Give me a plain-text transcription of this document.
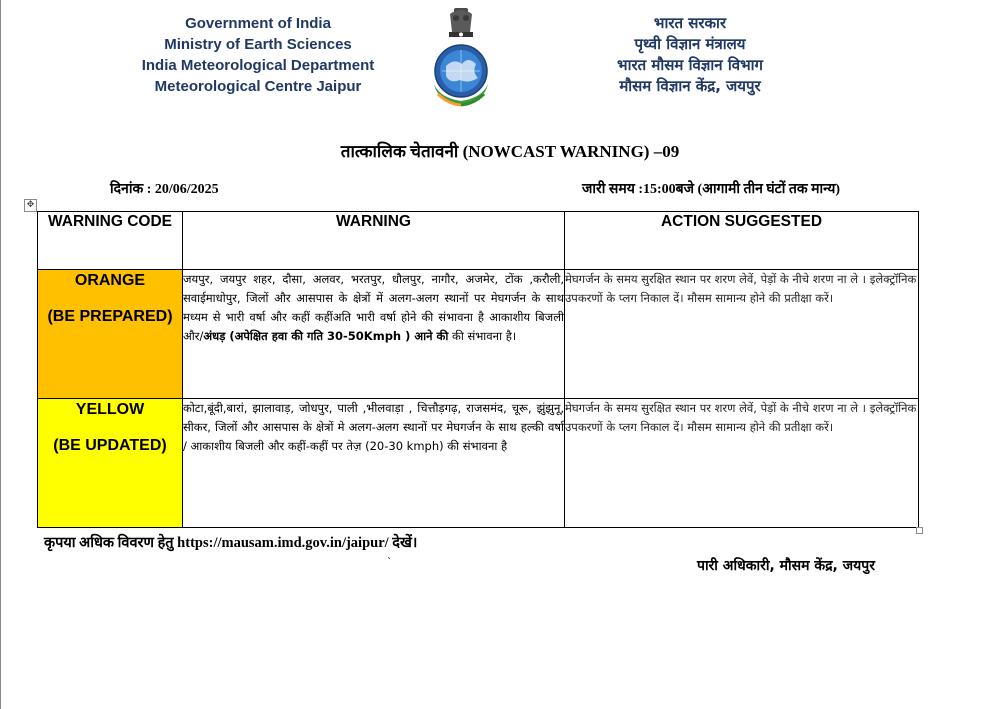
Government of India
Ministry of Earth Sciences
India Meteorological Department
Meteorological Centre Jaipur
भारत सरकार
पृथ्वी विज्ञान मंत्रालय
भारत मौसम विज्ञान विभाग
मौसम विज्ञान केंद्र, जयपुर
तात्कालिक चेतावनी (NOWCAST WARNING) –09
दिनांक : 20/06/2025	जारी समय :15:00बजे (आगामी तीन घंटों तक मान्य)
✥
WARNING CODE	WARNING	ACTION SUGGESTED

ORANGE
(BE PREPARED)	जयपुर, जयपुर शहर, दौसा, अलवर, भरतपुर, धौलपुर, नागौर, अजमेर, टोंक ,करौली, सवाईमाधोपुर, जिलों और आसपास के क्षेत्रों में अलग-अलग स्थानों पर मेघगर्जन के साथ मध्यम से भारी वर्षा और कहीं कहींअति भारी वर्षा होने की संभावना है आकाशीय बिजली और/अंधड़ (अपेक्षित हवा की गति 30-50Kmph ) आने की की संभावना है।	मेघगर्जन के समय सुरक्षित स्थान पर शरण लेवें, पेड़ों के नीचे शरण ना ले । इलेक्ट्रॉनिक उपकरणों के प्लग निकाल दें। मौसम सामान्य होने की प्रतीक्षा करें।

YELLOW
(BE UPDATED)	कोटा,बूंदी,बारां, झालावाड़, जोधपुर, पाली ,भीलवाड़ा , चित्तौड़गढ़, राजसमंद, चूरू, झुंझुनू, सीकर, जिलों और आसपास के क्षेत्रों मे अलग-अलग स्थानों पर मेघगर्जन के साथ हल्की वर्षा / आकाशीय बिजली और कहीं-कहीं पर तेज़ (20-30 kmph) की संभावना है	मेघगर्जन के समय सुरक्षित स्थान पर शरण लेवें, पेड़ों के नीचे शरण ना ले । इलेक्ट्रॉनिक उपकरणों के प्लग निकाल दें। मौसम सामान्य होने की प्रतीक्षा करें।
कृपया अधिक विवरण हेतु https://mausam.imd.gov.in/jaipur/ देखें।
`	पारी अधिकारी, मौसम केंद्र, जयपुर
